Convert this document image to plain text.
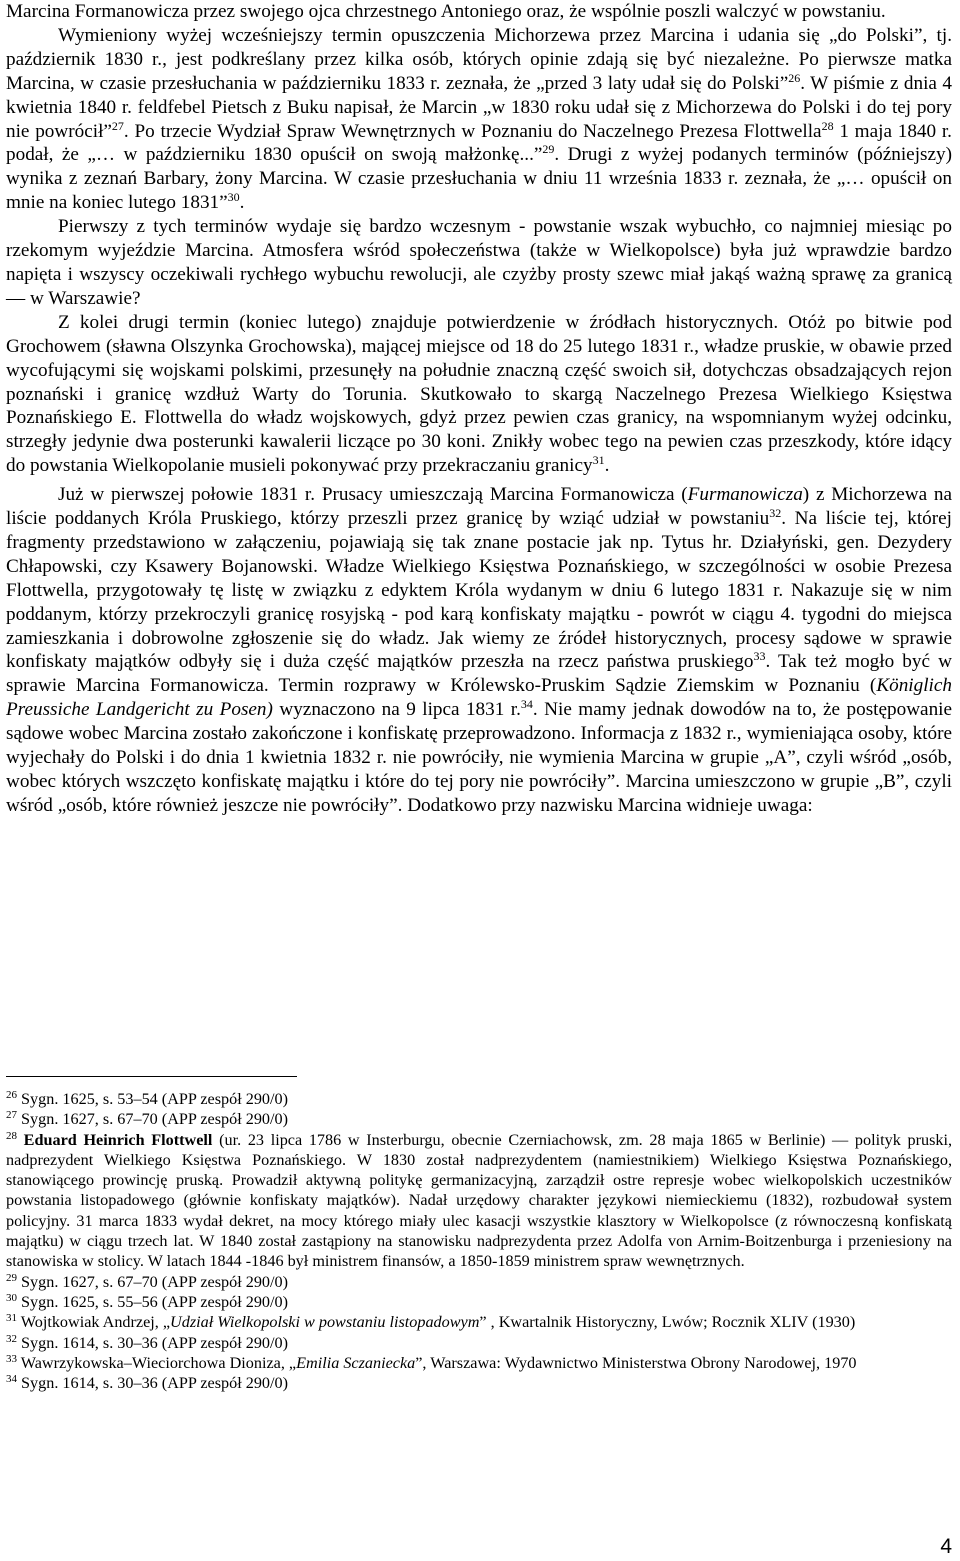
Marcina Formanowicza przez swojego ojca chrzestnego Antoniego oraz, że wspólnie poszli walczyć w powstaniu.

Wymieniony wyżej wcześniejszy termin opuszczenia Michorzewa przez Marcina i udania się „do Polski”, tj. październik 1830 r., jest podkreślany przez kilka osób, których opinie zdają się być niezależne. Po pierwsze matka Marcina, w czasie przesłuchania w październiku 1833 r. zeznała, że „przed 3 laty udał się do Polski”$^{26}$. W piśmie z dnia 4 kwietnia 1840 r. feldfebel Pietsch z Buku napisał, że Marcin „w 1830 roku udał się z Michorzewa do Polski i do tej pory nie powrócił”$^{27}$. Po trzecie Wydział Spraw Wewnętrznych w Poznaniu do Naczelnego Prezesa Flottwella$^{28}$ 1 maja 1840 r. podał, że „… w październiku 1830 opuścił on swoją małżonkę...”$^{29}$. Drugi z wyżej podanych terminów (późniejszy) wynika z zeznań Barbary, żony Marcina. W czasie przesłuchania w dniu 11 września 1833 r. zeznała, że „… opuścił on mnie na koniec lutego 1831”$^{30}$.

Pierwszy z tych terminów wydaje się bardzo wczesnym - powstanie wszak wybuchło, co najmniej miesiąc po rzekomym wyjeździe Marcina. Atmosfera wśród społeczeństwa (także w Wielkopolsce) była już wprawdzie bardzo napięta i wszyscy oczekiwali rychłego wybuchu rewolucji, ale czyżby prosty szewc miał jakąś ważną sprawę za granicą — w Warszawie?

Z kolei drugi termin (koniec lutego) znajduje potwierdzenie w źródłach historycznych. Otóż po bitwie pod Grochowem (sławna Olszynka Grochowska), mającej miejsce od 18 do 25 lutego 1831 r., władze pruskie, w obawie przed wycofującymi się wojskami polskimi, przesunęły na południe znaczną część swoich sił, dotychczas obsadzających rejon poznański i granicę wzdłuż Warty do Torunia. Skutkowało to skargą Naczelnego Prezesa Wielkiego Księstwa Poznańskiego E. Flottwella do władz wojskowych, gdyż przez pewien czas granicy, na wspomnianym wyżej odcinku, strzegły jedynie dwa posterunki kawalerii liczące po 30 koni. Znikły wobec tego na pewien czas przeszkody, które idący do powstania Wielkopolanie musieli pokonywać przy przekraczaniu granicy$^{31}$.

Już w pierwszej połowie 1831 r. Prusacy umieszczają Marcina Formanowicza (Furmanowicza) z Michorzewa na liście poddanych Króla Pruskiego, którzy przeszli przez granicę by wziąć udział w powstaniu$^{32}$. Na liście tej, której fragmenty przedstawiono w załączeniu, pojawiają się tak znane postacie jak np. Tytus hr. Działyński, gen. Dezydery Chłapowski, czy Ksawery Bojanowski. Władze Wielkiego Księstwa Poznańskiego, w szczególności w osobie Prezesa Flottwella, przygotowały tę listę w związku z edyktem Króla wydanym w dniu 6 lutego 1831 r. Nakazuje się w nim poddanym, którzy przekroczyli granicę rosyjską - pod karą konfiskaty majątku - powrót w ciągu 4. tygodni do miejsca zamieszkania i dobrowolne zgłoszenie się do władz. Jak wiemy ze źródeł historycznych, procesy sądowe w sprawie konfiskaty majątków odbyły się i duża część majątków przeszła na rzecz państwa pruskiego$^{33}$. Tak też mogło być w sprawie Marcina Formanowicza. Termin rozprawy w Królewsko-Pruskim Sądzie Ziemskim w Poznaniu (Königlich Preussiche Landgericht zu Posen) wyznaczono na 9 lipca 1831 r.$^{34}$. Nie mamy jednak dowodów na to, że postępowanie sądowe wobec Marcina zostało zakończone i konfiskatę przeprowadzono. Informacja z 1832 r., wymieniająca osoby, które wyjechały do Polski i do dnia 1 kwietnia 1832 r. nie powróciły, nie wymienia Marcina w grupie „A”, czyli wśród „osób, wobec których wszczęto konfiskatę majątku i które do tej pory nie powróciły”. Marcina umieszczono w grupie „B”, czyli wśród „osób, które również jeszcze nie powróciły”. Dodatkowo przy nazwisku Marcina widnieje uwaga:

$^{26}$ Sygn. 1625, s. 53–54 (APP zespół 290/0)

$^{27}$ Sygn. 1627, s. 67–70 (APP zespół 290/0)

$^{28}$ Eduard Heinrich Flottwell (ur. 23 lipca 1786 w Insterburgu, obecnie Czerniachowsk, zm. 28 maja 1865 w Berlinie) — polityk pruski, nadprezydent Wielkiego Księstwa Poznańskiego. W 1830 został nadprezydentem (namiestnikiem) Wielkiego Księstwa Poznańskiego, stanowiącego prowincję pruską. Prowadził aktywną politykę germanizacyjną, zarządził ostre represje wobec wielkopolskich uczestników powstania listopadowego (głównie konfiskaty majątków). Nadał urzędowy charakter językowi niemieckiemu (1832), rozbudował system policyjny. 31 marca 1833 wydał dekret, na mocy którego miały ulec kasacji wszystkie klasztory w Wielkopolsce (z równoczesną konfiskatą majątku) w ciągu trzech lat. W 1840 został zastąpiony na stanowisku nadprezydenta przez Adolfa von Arnim-Boitzenburga i przeniesiony na stanowiska w stolicy. W latach 1844 -1846 był ministrem finansów, a 1850-1859 ministrem spraw wewnętrznych.

$^{29}$ Sygn. 1627, s. 67–70 (APP zespół 290/0)

$^{30}$ Sygn. 1625, s. 55–56 (APP zespół 290/0)

$^{31}$ Wojtkowiak Andrzej, „Udział Wielkopolski w powstaniu listopadowym” , Kwartalnik Historyczny, Lwów; Rocznik XLIV (1930)

$^{32}$ Sygn. 1614, s. 30–36 (APP zespół 290/0)

$^{33}$ Wawrzykowska–Wieciorchowa Dioniza, „Emilia Sczaniecka”, Warszawa: Wydawnictwo Ministerstwa Obrony Narodowej, 1970

$^{34}$ Sygn. 1614, s. 30–36 (APP zespół 290/0)

4
